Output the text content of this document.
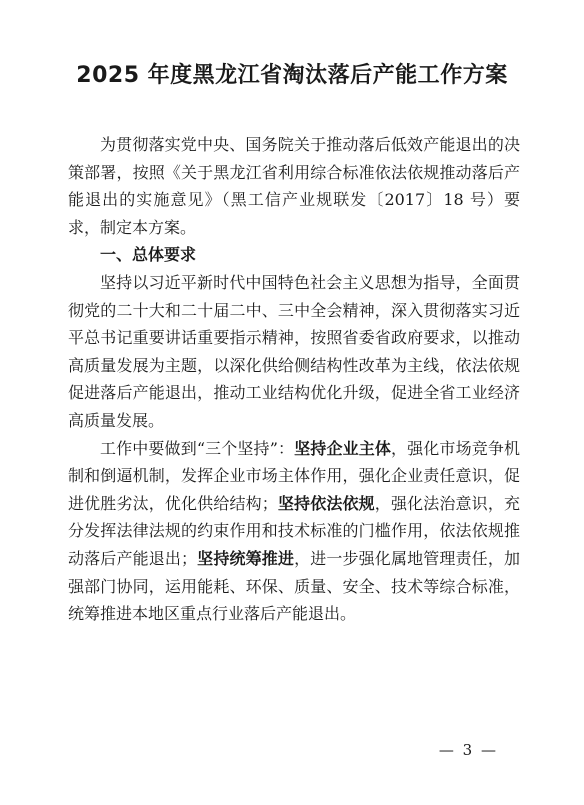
2025 年度黑龙江省淘汰落后产能工作方案

为贯彻落实党中央、国务院关于推动落后低效产能退出的决策部署，按照《关于黑龙江省利用综合标准依法依规推动落后产能退出的实施意见》（黑工信产业规联发〔2017〕18 号）要求，制定本方案。

一、总体要求

坚持以习近平新时代中国特色社会主义思想为指导，全面贯彻党的二十大和二十届二中、三中全会精神，深入贯彻落实习近平总书记重要讲话重要指示精神，按照省委省政府要求，以推动高质量发展为主题，以深化供给侧结构性改革为主线，依法依规促进落后产能退出，推动工业结构优化升级，促进全省工业经济高质量发展。

工作中要做到“三个坚持”：坚持企业主体，强化市场竞争机制和倒逼机制，发挥企业市场主体作用，强化企业责任意识，促进优胜劣汰，优化供给结构；坚持依法依规，强化法治意识，充分发挥法律法规的约束作用和技术标准的门槛作用，依法依规推动落后产能退出；坚持统筹推进，进一步强化属地管理责任，加强部门协同，运用能耗、环保、质量、安全、技术等综合标准，统筹推进本地区重点行业落后产能退出。

— 3 —
